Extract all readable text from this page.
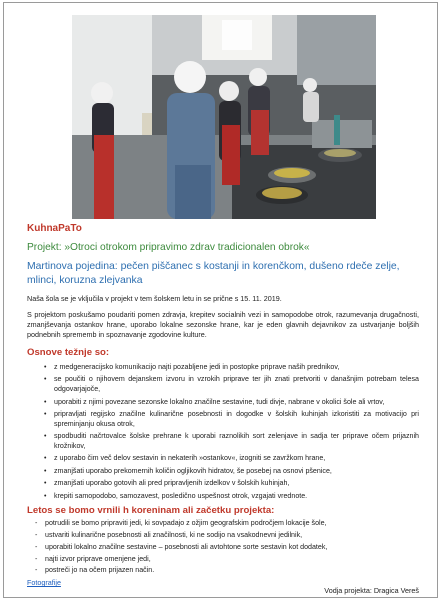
KuhnaPaTo

Projekt: »Otroci otrokom pripravimo zdrav tradicionalen obrok«

Martinova pojedina: pečen piščanec s kostanji in korenčkom, dušeno rdeče zelje, mlinci, koruzna zlejvanka

Naša šola se je vključila v projekt v tem šolskem letu in se prične s 15. 11. 2019.

S projektom poskušamo poudariti pomen zdravja, krepitev socialnih vezi in samopodobe otrok, razumevanja drugačnosti, zmanjševanja ostankov hrane, uporabo lokalne sezonske hrane, kar je eden glavnih dejavnikov za ustvarjanje boljših podnebnih sprememb in spoznavanje zgodovine kulture.

Osnove težnje so:

• z medgeneracijsko komunikacijo najti pozabljene jedi in postopke priprave naših prednikov,
• se poučiti o njihovem dejanskem izvoru in vzrokih priprave ter jih znati pretvoriti v današnjim potrebam telesa odgovarjajoče,
• uporabiti z njimi povezane sezonske lokalno značilne sestavine, tudi divje, nabrane v okolici šole ali vrtov,
• pripravljati regijsko značilne kulinarične posebnosti in dogodke v šolskih kuhinjah izkoristiti za motivacijo pri spreminjanju okusa otrok,
• spodbuditi načrtovalce šolske prehrane k uporabi raznolikih sort zelenjave in sadja ter priprave očem prijaznih krožnikov,
• z uporabo čim več delov sestavin in nekaterih »ostankov«, izogniti se zavržkom hrane,
• zmanjšati uporabo prekomernih količin ogljikovih hidratov, še posebej na osnovi pšenice,
• zmanjšati uporabo gotovih ali pred pripravljenih izdelkov v šolskih kuhinjah,
• krepiti samopodobo, samozavest, posledično uspešnost otrok, vzgajati vrednote.

Letos se bomo vrnili h koreninam ali začetku projekta:

- potrudili se bomo pripraviti jedi, ki sovpadajo z ožjim geografskim področjem lokacije šole,
- ustvariti kulinarične posebnosti ali značilnosti, ki ne sodijo na vsakodnevni jedilnik,
- uporabiti lokalno značilne sestavine – posebnosti ali avtohtone sorte sestavin kot dodatek,
- najti izvor priprave omenjene jedi,
- postreči jo na očem prijazen način.
Fotografije
Vodja projekta: Dragica Vereš
